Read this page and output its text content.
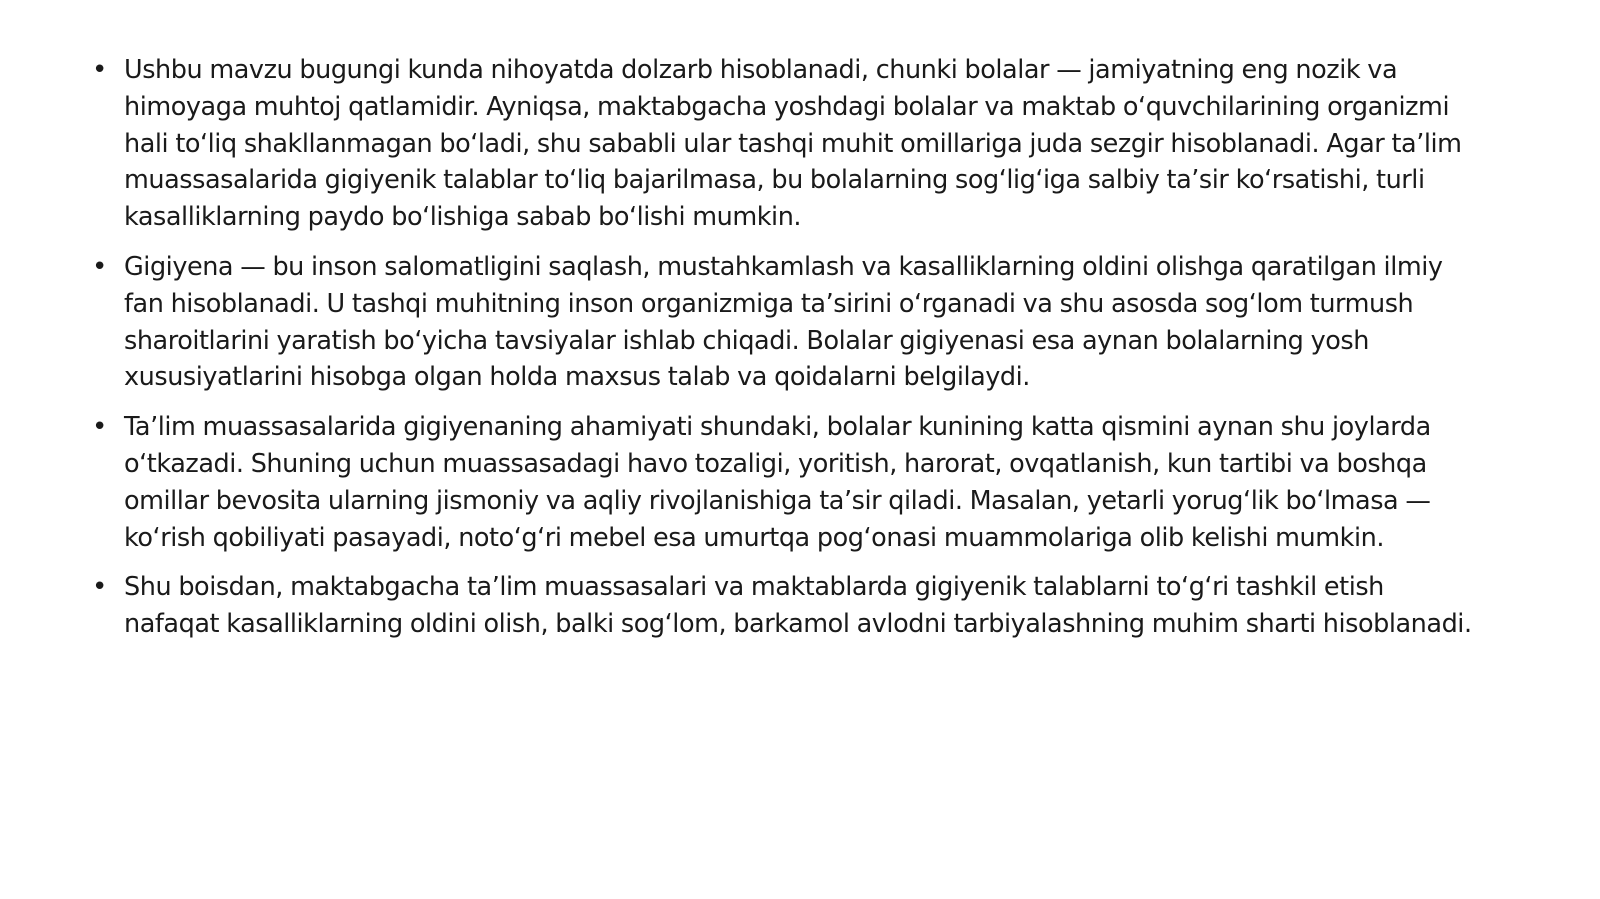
• Ushbu mavzu bugungi kunda nihoyatda dolzarb hisoblanadi, chunki bolalar — jamiyatning eng nozik va himoyaga muhtoj qatlamidir. Ayniqsa, maktabgacha yoshdagi bolalar va maktab o‘quvchilarining organizmi hali to‘liq shakllanmagan bo‘ladi, shu sababli ular tashqi muhit omillariga juda sezgir hisoblanadi. Agar ta’lim muassasalarida gigiyenik talablar to‘liq bajarilmasa, bu bolalarning sog‘lig‘iga salbiy ta’sir ko‘rsatishi, turli kasalliklarning paydo bo‘lishiga sabab bo‘lishi mumkin.
• Gigiyena — bu inson salomatligini saqlash, mustahkamlash va kasalliklarning oldini olishga qaratilgan ilmiy fan hisoblanadi. U tashqi muhitning inson organizmiga ta’sirini o‘rganadi va shu asosda sog‘lom turmush sharoitlarini yaratish bo‘yicha tavsiyalar ishlab chiqadi. Bolalar gigiyenasi esa aynan bolalarning yosh xususiyatlarini hisobga olgan holda maxsus talab va qoidalarni belgilaydi.
• Ta’lim muassasalarida gigiyenaning ahamiyati shundaki, bolalar kunining katta qismini aynan shu joylarda o‘tkazadi. Shuning uchun muassasadagi havo tozaligi, yoritish, harorat, ovqatlanish, kun tartibi va boshqa omillar bevosita ularning jismoniy va aqliy rivojlanishiga ta’sir qiladi. Masalan, yetarli yorug‘lik bo‘lmasa — ko‘rish qobiliyati pasayadi, noto‘g‘ri mebel esa umurtqa pog‘onasi muammolariga olib kelishi mumkin.
• Shu boisdan, maktabgacha ta’lim muassasalari va maktablarda gigiyenik talablarni to‘g‘ri tashkil etish nafaqat kasalliklarning oldini olish, balki sog‘lom, barkamol avlodni tarbiyalashning muhim sharti hisoblanadi.
